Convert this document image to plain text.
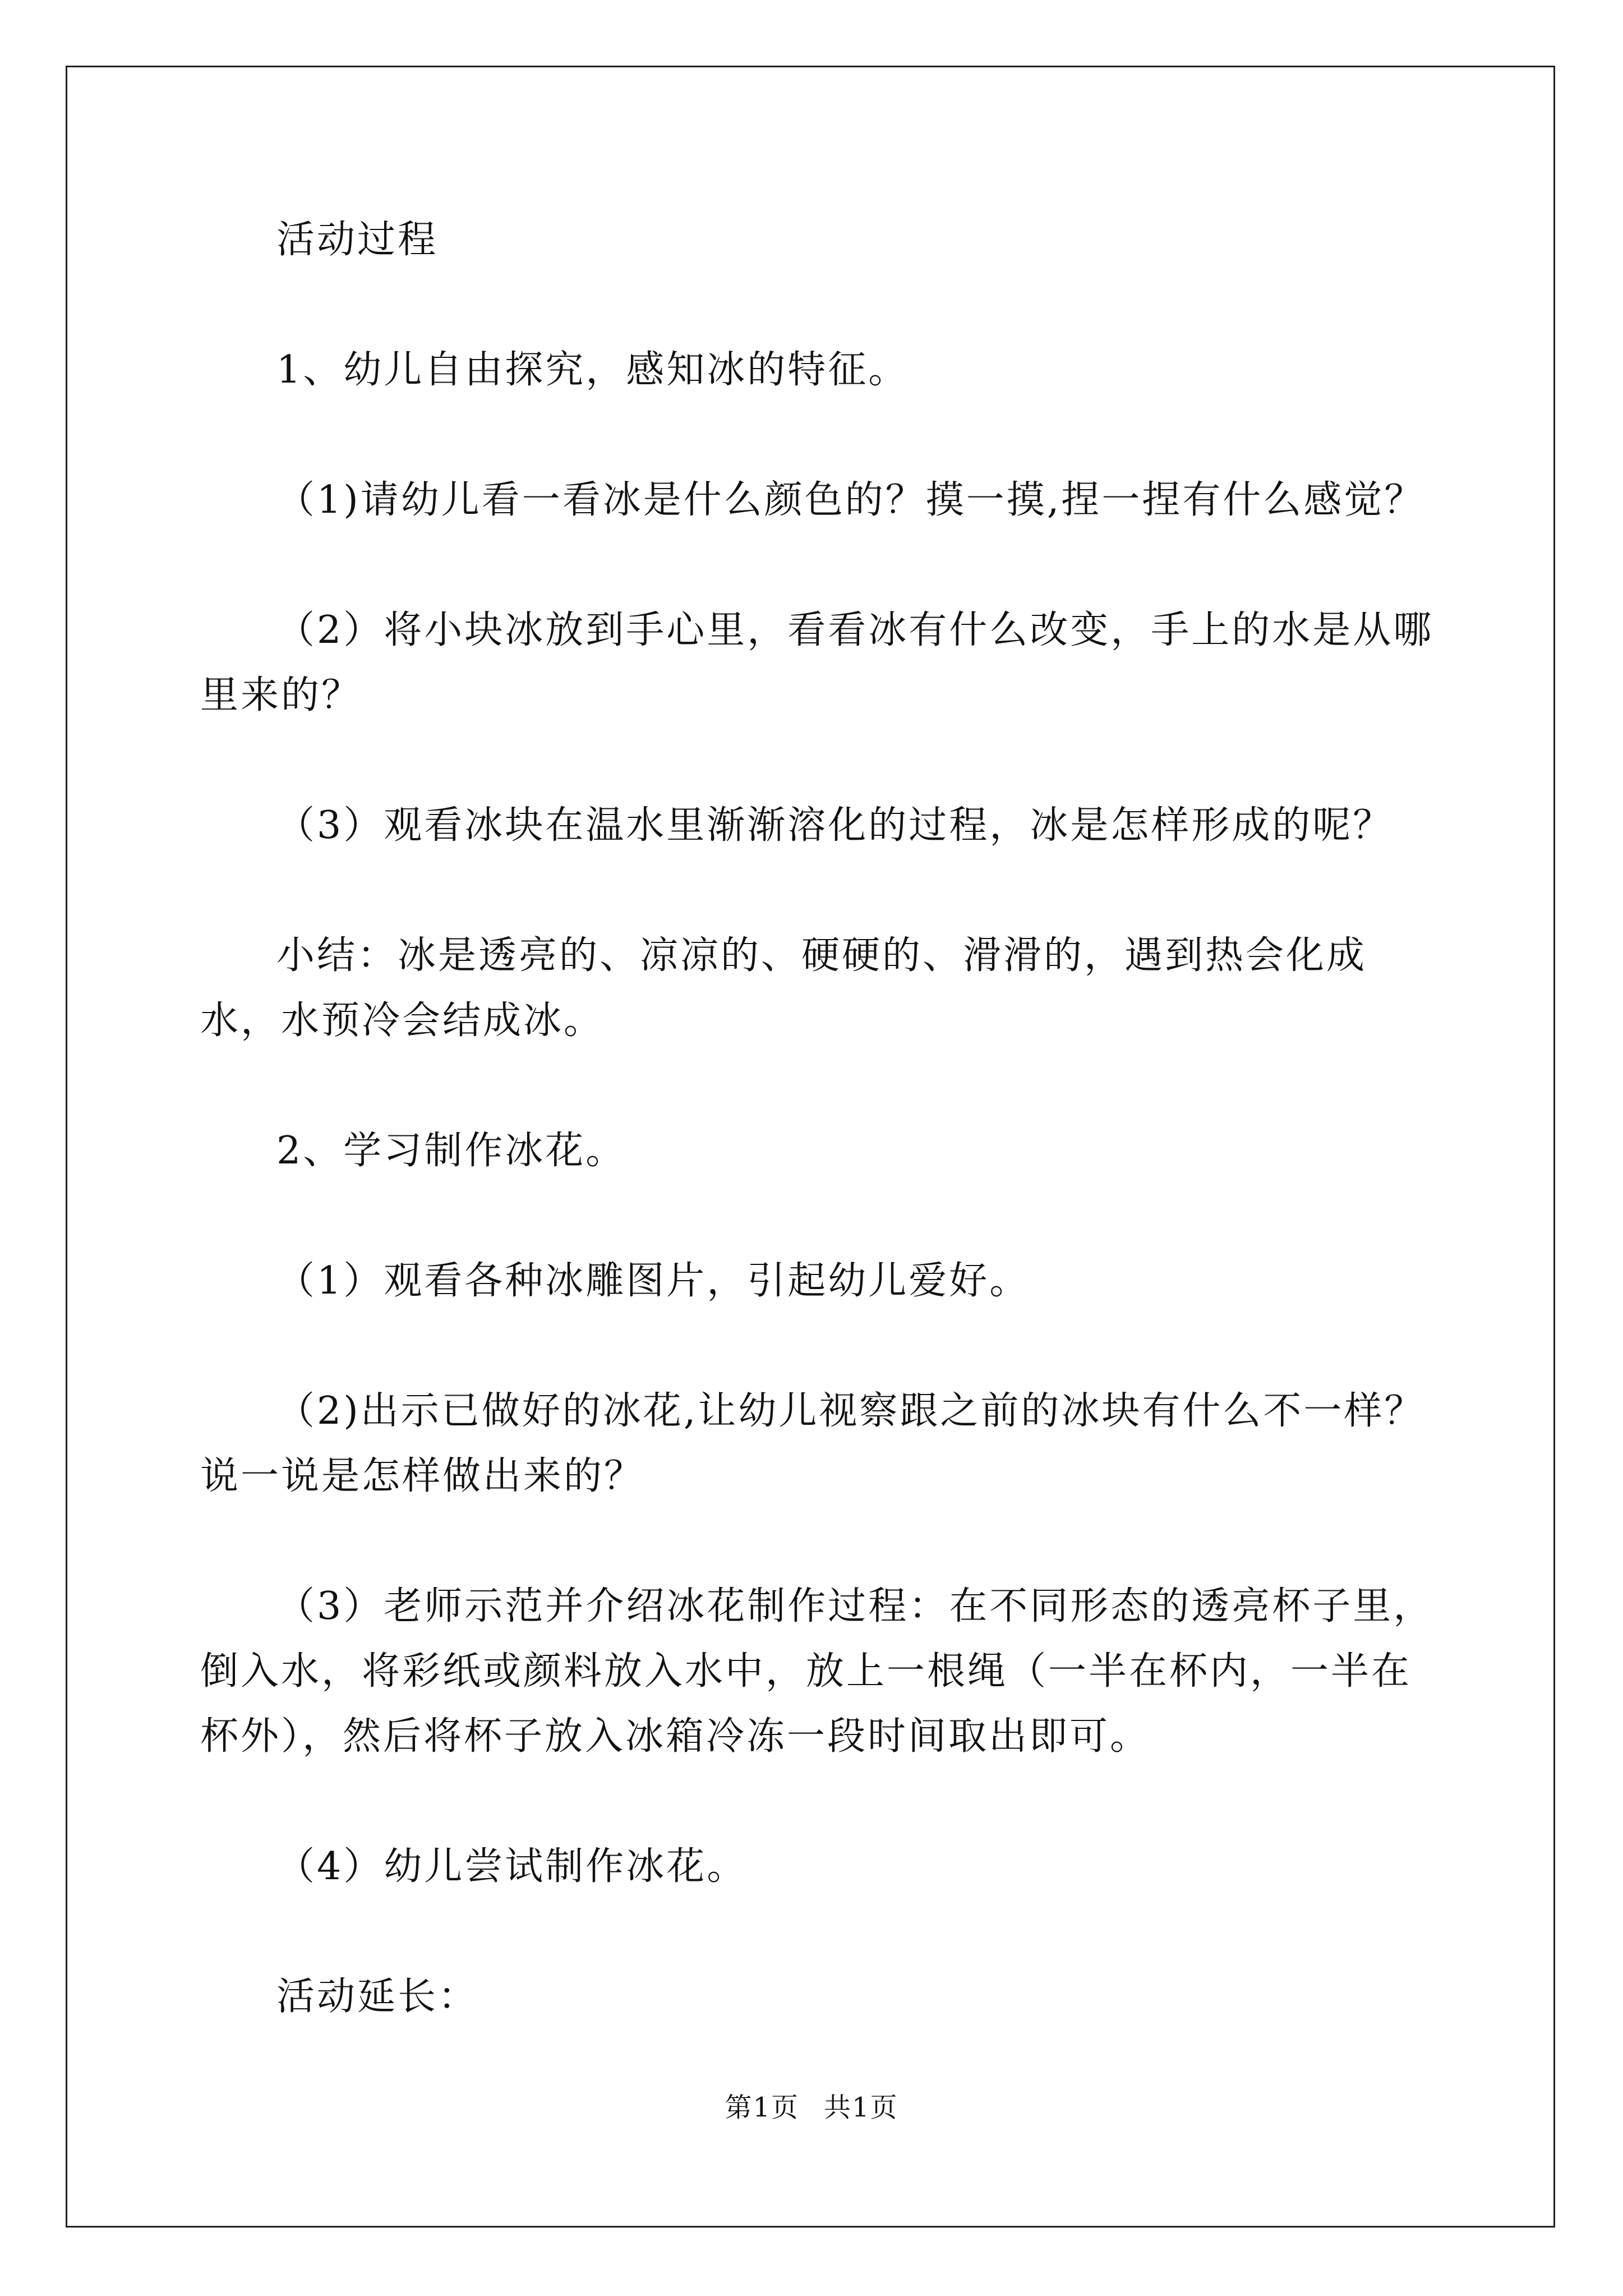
活动过程

1、幼儿自由探究，感知冰的特征。

（1)请幼儿看一看冰是什么颜色的？摸一摸,捏一捏有什么感觉？

（2）将小块冰放到手心里，看看冰有什么改变，手上的水是从哪里来的？

（3）观看冰块在温水里渐渐溶化的过程，冰是怎样形成的呢？

小结：冰是透亮的、凉凉的、硬硬的、滑滑的，遇到热会化成水，水预冷会结成冰。

2、学习制作冰花。

（1）观看各种冰雕图片，引起幼儿爱好。

（2)出示已做好的冰花,让幼儿视察跟之前的冰块有什么不一样？说一说是怎样做出来的？

（3）老师示范并介绍冰花制作过程：在不同形态的透亮杯子里，倒入水，将彩纸或颜料放入水中，放上一根绳（一半在杯内，一半在杯外），然后将杯子放入冰箱冷冻一段时间取出即可。

（4）幼儿尝试制作冰花。

活动延长：

第1页 共1页
